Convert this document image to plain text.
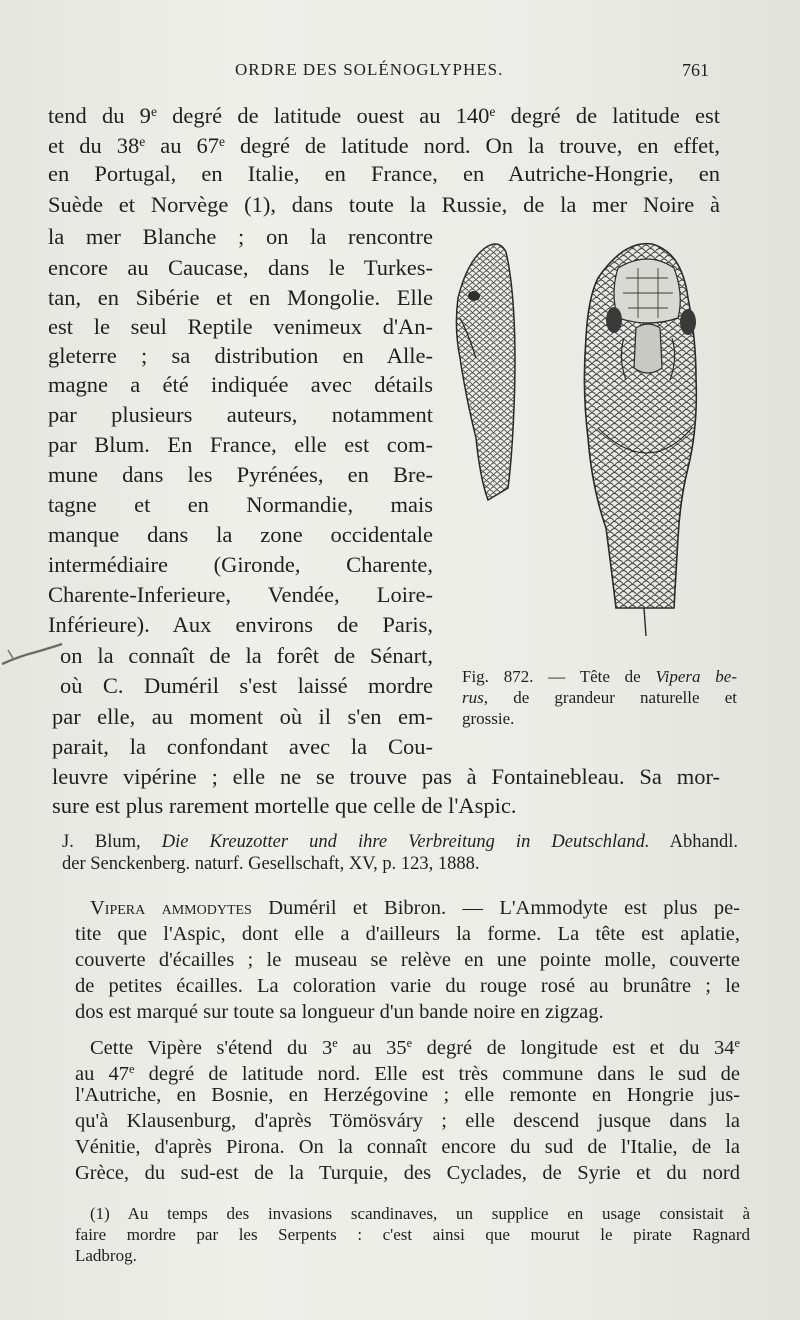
ORDRE DES SOLÉNOGLYPHES.	761
tend du 9e degré de latitude ouest au 140e degré de latitude est
et du 38e au 67e degré de latitude nord. On la trouve, en effet,
en Portugal, en Italie, en France, en Autriche-Hongrie, en
Suède et Norvège (1), dans toute la Russie, de la mer Noire à
la mer Blanche ; on la rencontre
encore au Caucase, dans le Turkes-
tan, en Sibérie et en Mongolie. Elle
est le seul Reptile venimeux d'An-
gleterre ; sa distribution en Alle-
magne a été indiquée avec détails
par plusieurs auteurs, notamment
par Blum. En France, elle est com-
mune dans les Pyrénées, en Bre-
tagne et en Normandie, mais
manque dans la zone occidentale
intermédiaire (Gironde, Charente,
Charente-Inferieure, Vendée, Loire-
Inférieure). Aux environs de Paris,
on la connaît de la forêt de Sénart,
où C. Duméril s'est laissé mordre
par elle, au moment où il s'en em-
parait, la confondant avec la Cou-
leuvre vipérine ; elle ne se trouve pas à Fontainebleau. Sa mor-
sure est plus rarement mortelle que celle de l'Aspic.
Fig. 872. — Tête de Vipera be-
rus, de grandeur naturelle et
grossie.
J. Blum, Die Kreuzotter und ihre Verbreitung in Deutschland. Abhandl.
der Senckenberg. naturf. Gesellschaft, XV, p. 123, 1888.
Vipera ammodytes Duméril et Bibron. — L'Ammodyte est plus pe-
tite que l'Aspic, dont elle a d'ailleurs la forme. La tête est aplatie,
couverte d'écailles ; le museau se relève en une pointe molle, couverte
de petites écailles. La coloration varie du rouge rosé au brunâtre ; le
dos est marqué sur toute sa longueur d'un bande noire en zigzag.
Cette Vipère s'étend du 3e au 35e degré de longitude est et du 34e
au 47e degré de latitude nord. Elle est très commune dans le sud de
l'Autriche, en Bosnie, en Herzégovine ; elle remonte en Hongrie jus-
qu'à Klausenburg, d'après Tömösváry ; elle descend jusque dans la
Vénitie, d'après Pirona. On la connaît encore du sud de l'Italie, de la
Grèce, du sud-est de la Turquie, des Cyclades, de Syrie et du nord
(1) Au temps des invasions scandinaves, un supplice en usage consistait à
faire mordre par les Serpents : c'est ainsi que mourut le pirate Ragnard
Ladbrog.
